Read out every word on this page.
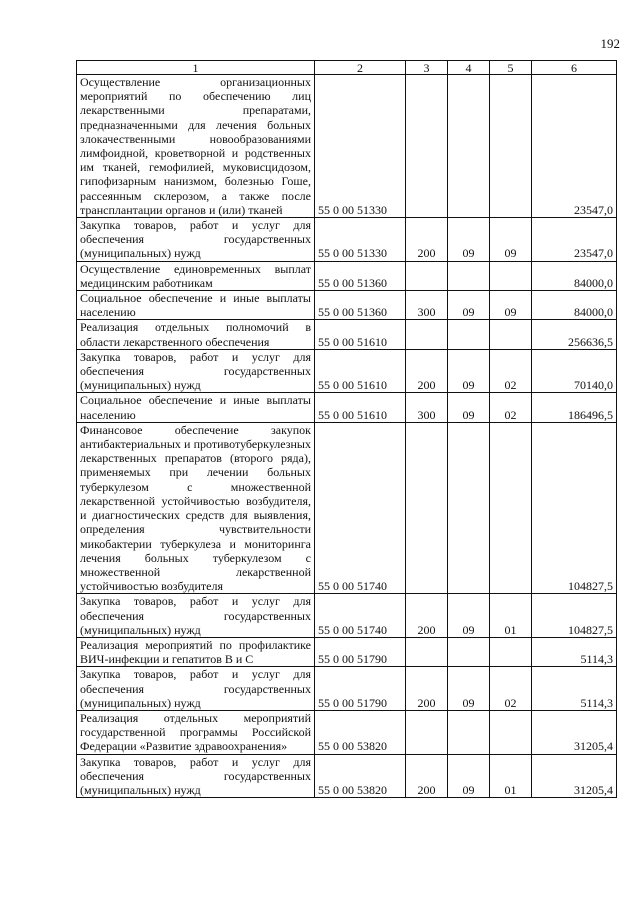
192
1	2	3	4	5	6
Осуществление организационных мероприятий по обеспечению лиц лекарственными препаратами, предназначенными для лечения больных злокачественными новообразованиями лимфоидной, кроветворной и родственных им тканей, гемофилией, муковисцидозом, гипофизарным нанизмом, болезнью Гоше, рассеянным склерозом, а также после трансплантации органов и (или) тканей	55 0 00 51330				23547,0
Закупка товаров, работ и услуг для обеспечения государственных (муниципальных) нужд	55 0 00 51330	200	09	09	23547,0
Осуществление единовременных выплат медицинским работникам	55 0 00 51360				84000,0
Социальное обеспечение и иные выплаты населению	55 0 00 51360	300	09	09	84000,0
Реализация отдельных полномочий в области лекарственного обеспечения	55 0 00 51610				256636,5
Закупка товаров, работ и услуг для обеспечения государственных (муниципальных) нужд	55 0 00 51610	200	09	02	70140,0
Социальное обеспечение и иные выплаты населению	55 0 00 51610	300	09	02	186496,5
Финансовое обеспечение закупок антибактериальных и противотуберкулезных лекарственных препаратов (второго ряда), применяемых при лечении больных туберкулезом с множественной лекарственной устойчивостью возбудителя, и диагностических средств для выявления, определения чувствительности микобактерии туберкулеза и мониторинга лечения больных туберкулезом с множественной лекарственной устойчивостью возбудителя	55 0 00 51740				104827,5
Закупка товаров, работ и услуг для обеспечения государственных (муниципальных) нужд	55 0 00 51740	200	09	01	104827,5
Реализация мероприятий по профилактике ВИЧ-инфекции и гепатитов В и С	55 0 00 51790				5114,3
Закупка товаров, работ и услуг для обеспечения государственных (муниципальных) нужд	55 0 00 51790	200	09	02	5114,3
Реализация отдельных мероприятий государственной программы Российской Федерации «Развитие здравоохранения»	55 0 00 53820				31205,4
Закупка товаров, работ и услуг для обеспечения государственных (муниципальных) нужд	55 0 00 53820	200	09	01	31205,4
